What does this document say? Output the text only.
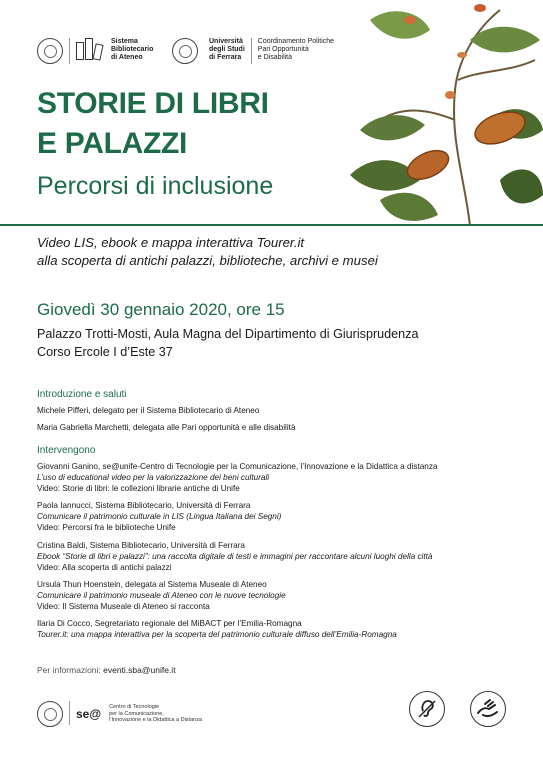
Sistema
Bibliotecario
di Ateneo
Università
degli Studi
di Ferrara
Coordinamento Politiche
Pari Opportunità
e Disabilità
STORIE DI LIBRI
E PALAZZI
Percorsi di inclusione
Video LIS, ebook e mappa interattiva Tourer.it
alla scoperta di antichi palazzi, biblioteche, archivi e musei
Giovedì 30 gennaio 2020, ore 15
Palazzo Trotti-Mosti, Aula Magna del Dipartimento di Giurisprudenza
Corso Ercole I d’Este 37
Introduzione e saluti
Michele Pifferi, delegato per il Sistema Bibliotecario di Ateneo
Maria Gabriella Marchetti, delegata alle Pari opportunità e alle disabilità
Intervengono
Giovanni Ganino, se@unife-Centro di Tecnologie per la Comunicazione, l’Innovazione e la Didattica a distanza
L’uso di educational video per la valorizzazione dei beni culturali
Video: Storie di libri: le collezioni librarie antiche di Unife
Paola Iannucci, Sistema Bibliotecario, Università di Ferrara
Comunicare il patrimonio culturale in LIS (Lingua Italiana dei Segni)
Video: Percorsi fra le biblioteche Unife
Cristina Baldi, Sistema Bibliotecario, Università di Ferrara
Ebook “Storie di libri e palazzi”: una raccolta digitale di testi e immagini per raccontare alcuni luoghi della città
Video: Alla scoperta di antichi palazzi
Ursula Thun Hoenstein, delegata al Sistema Museale di Ateneo
Comunicare il patrimonio museale di Ateneo con le nuove tecnologie
Video: Il Sistema Museale di Ateneo si racconta
Ilaria Di Cocco, Segretariato regionale del MiBACT per l’Emilia-Romagna
Tourer.it: una mappa interattiva per la scoperta del patrimonio culturale diffuso dell’Emilia-Romagna
Per informazioni: eventi.sba@unife.it
se@ Centro di Tecnologie
per la Comunicazione,
l’Innovazione e la Didattica a Distanza
